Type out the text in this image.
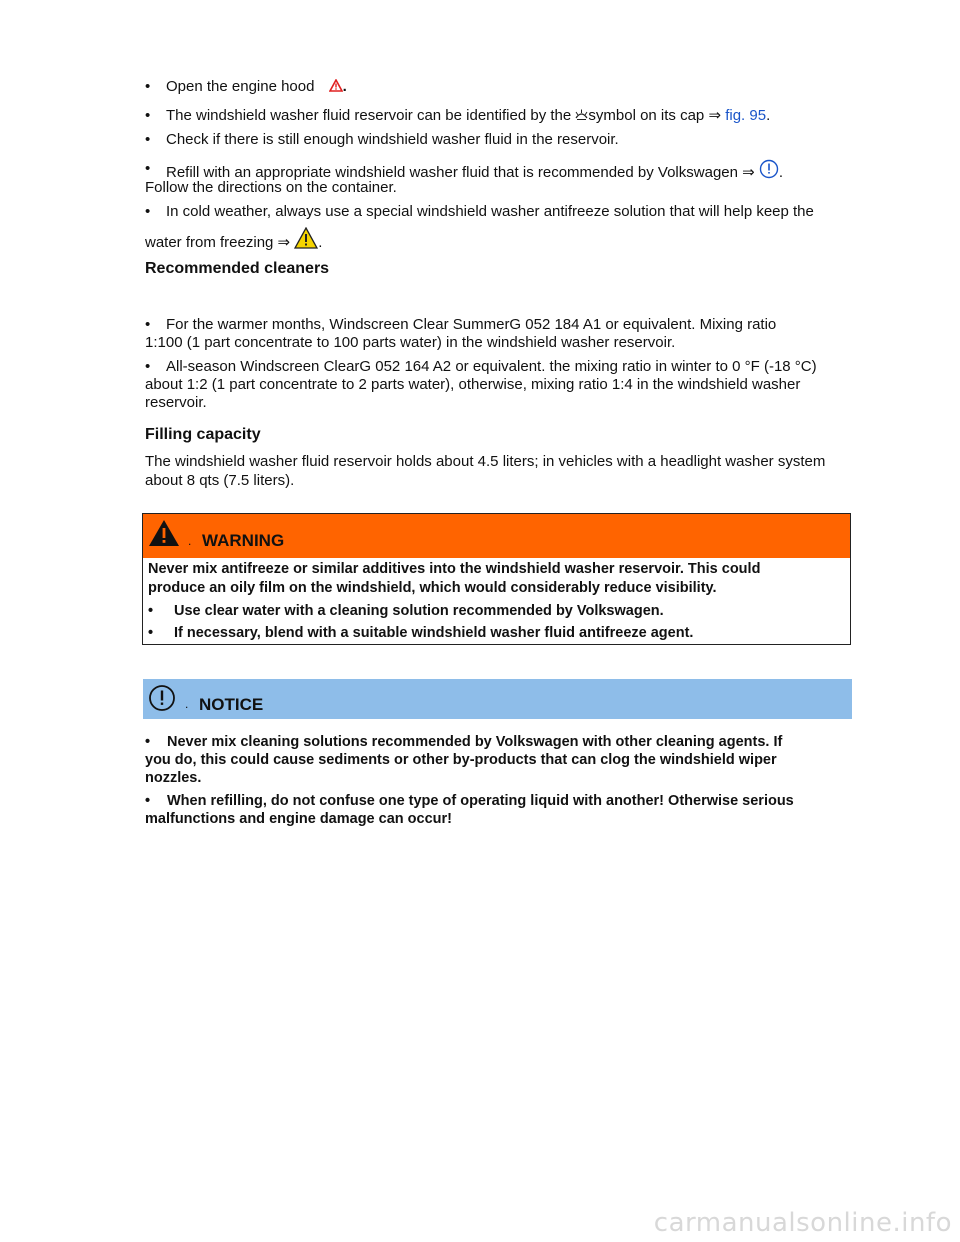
• Open the engine hood .
• The windshield washer fluid reservoir can be identified by the symbol on its cap ⇒ fig. 95.
• Check if there is still enough windshield washer fluid in the reservoir.
• Refill with an appropriate windshield washer fluid that is recommended by Volkswagen ⇒ .
Follow the directions on the container.
• In cold weather, always use a special windshield washer antifreeze solution that will help keep the
water from freezing ⇒ .
Recommended cleaners
• For the warmer months, Windscreen Clear SummerG 052 184 A1 or equivalent. Mixing ratio
1:100 (1 part concentrate to 100 parts water) in the windshield washer reservoir.
• All-season Windscreen ClearG 052 164 A2 or equivalent. the mixing ratio in winter to 0 °F (-18 °C)
about 1:2 (1 part concentrate to 2 parts water), otherwise, mixing ratio 1:4 in the windshield washer
reservoir.
Filling capacity
The windshield washer fluid reservoir holds about 4.5 liters; in vehicles with a headlight washer system
about 8 qts (7.5 liters).
. WARNING
Never mix antifreeze or similar additives into the windshield washer reservoir. This could
produce an oily film on the windshield, which would considerably reduce visibility.
• Use clear water with a cleaning solution recommended by Volkswagen.
• If necessary, blend with a suitable windshield washer fluid antifreeze agent.
. NOTICE
•	Never mix cleaning solutions recommended by Volkswagen with other cleaning agents. If
you do, this could cause sediments or other by-products that can clog the windshield wiper
nozzles.
•	When refilling, do not confuse one type of operating liquid with another! Otherwise serious
malfunctions and engine damage can occur!
carmanualsonline.info
